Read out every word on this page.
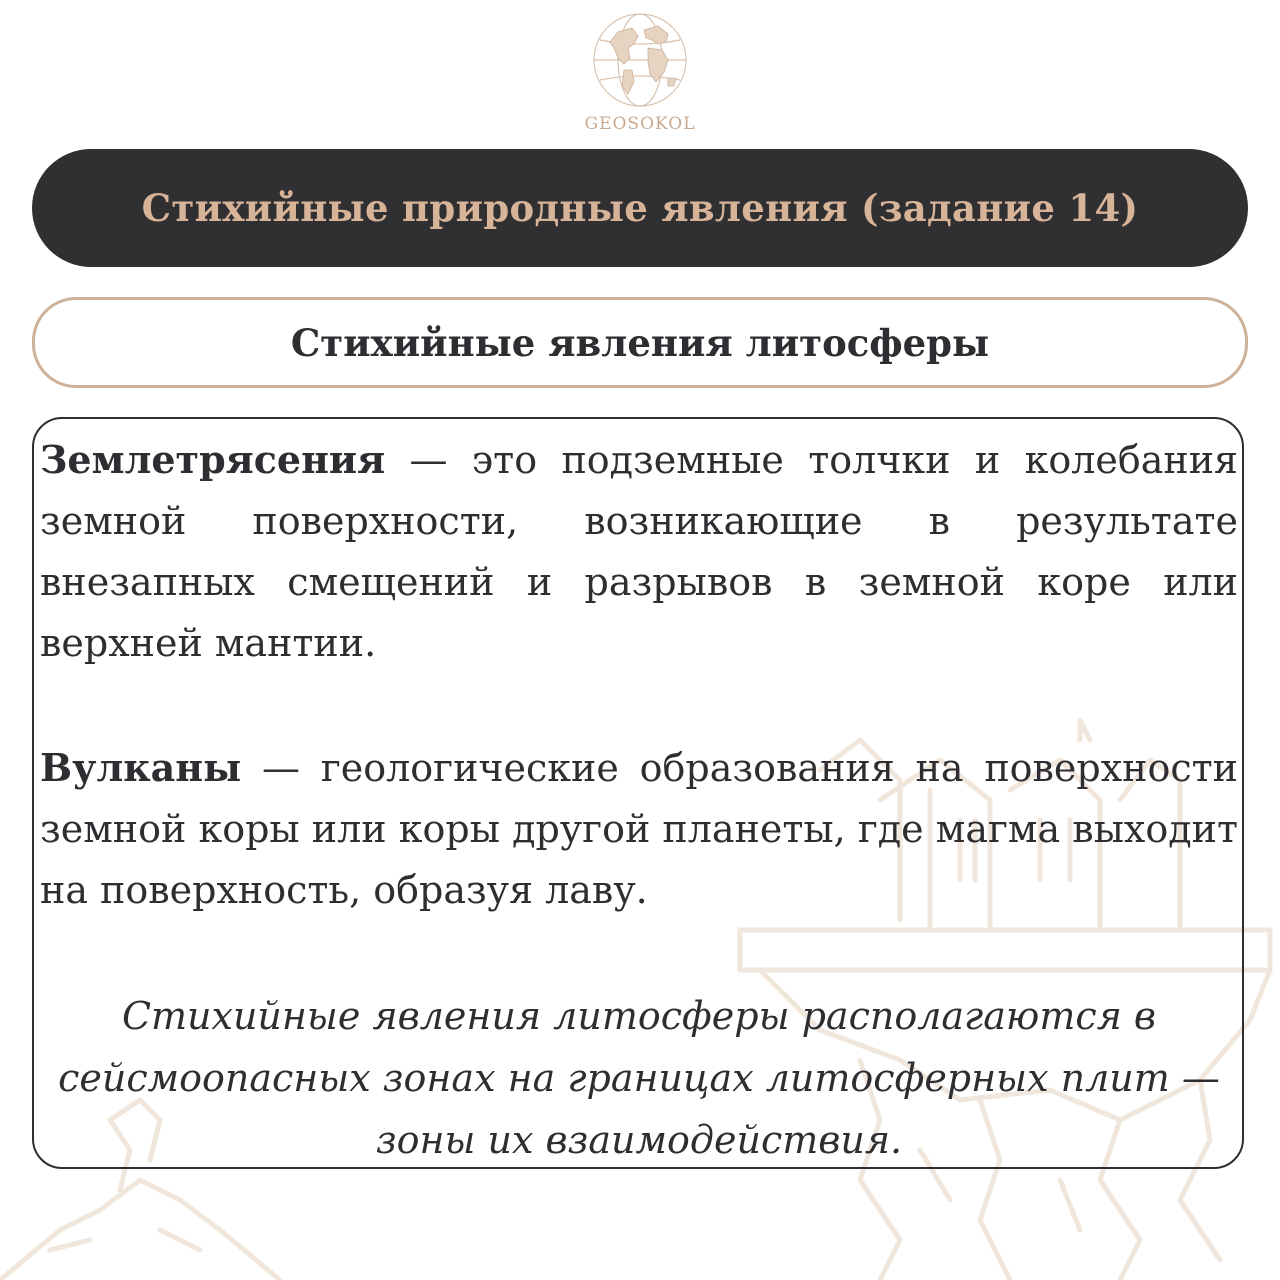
GEOSOKOL
Стихийные природные явления (задание 14)
Стихийные явления литосферы
Землетрясения — это подземные толчки и колебания земной поверхности, возникающие в результате внезапных смещений и разрывов в земной коре или верхней мантии.
Вулканы — геологические образования на поверхности земной коры или коры другой планеты, где магма выходит на поверхность, образуя лаву.
Стихийные явления литосферы располагаются в сейсмоопасных зонах на границах литосферных плит — зоны их взаимодействия.
